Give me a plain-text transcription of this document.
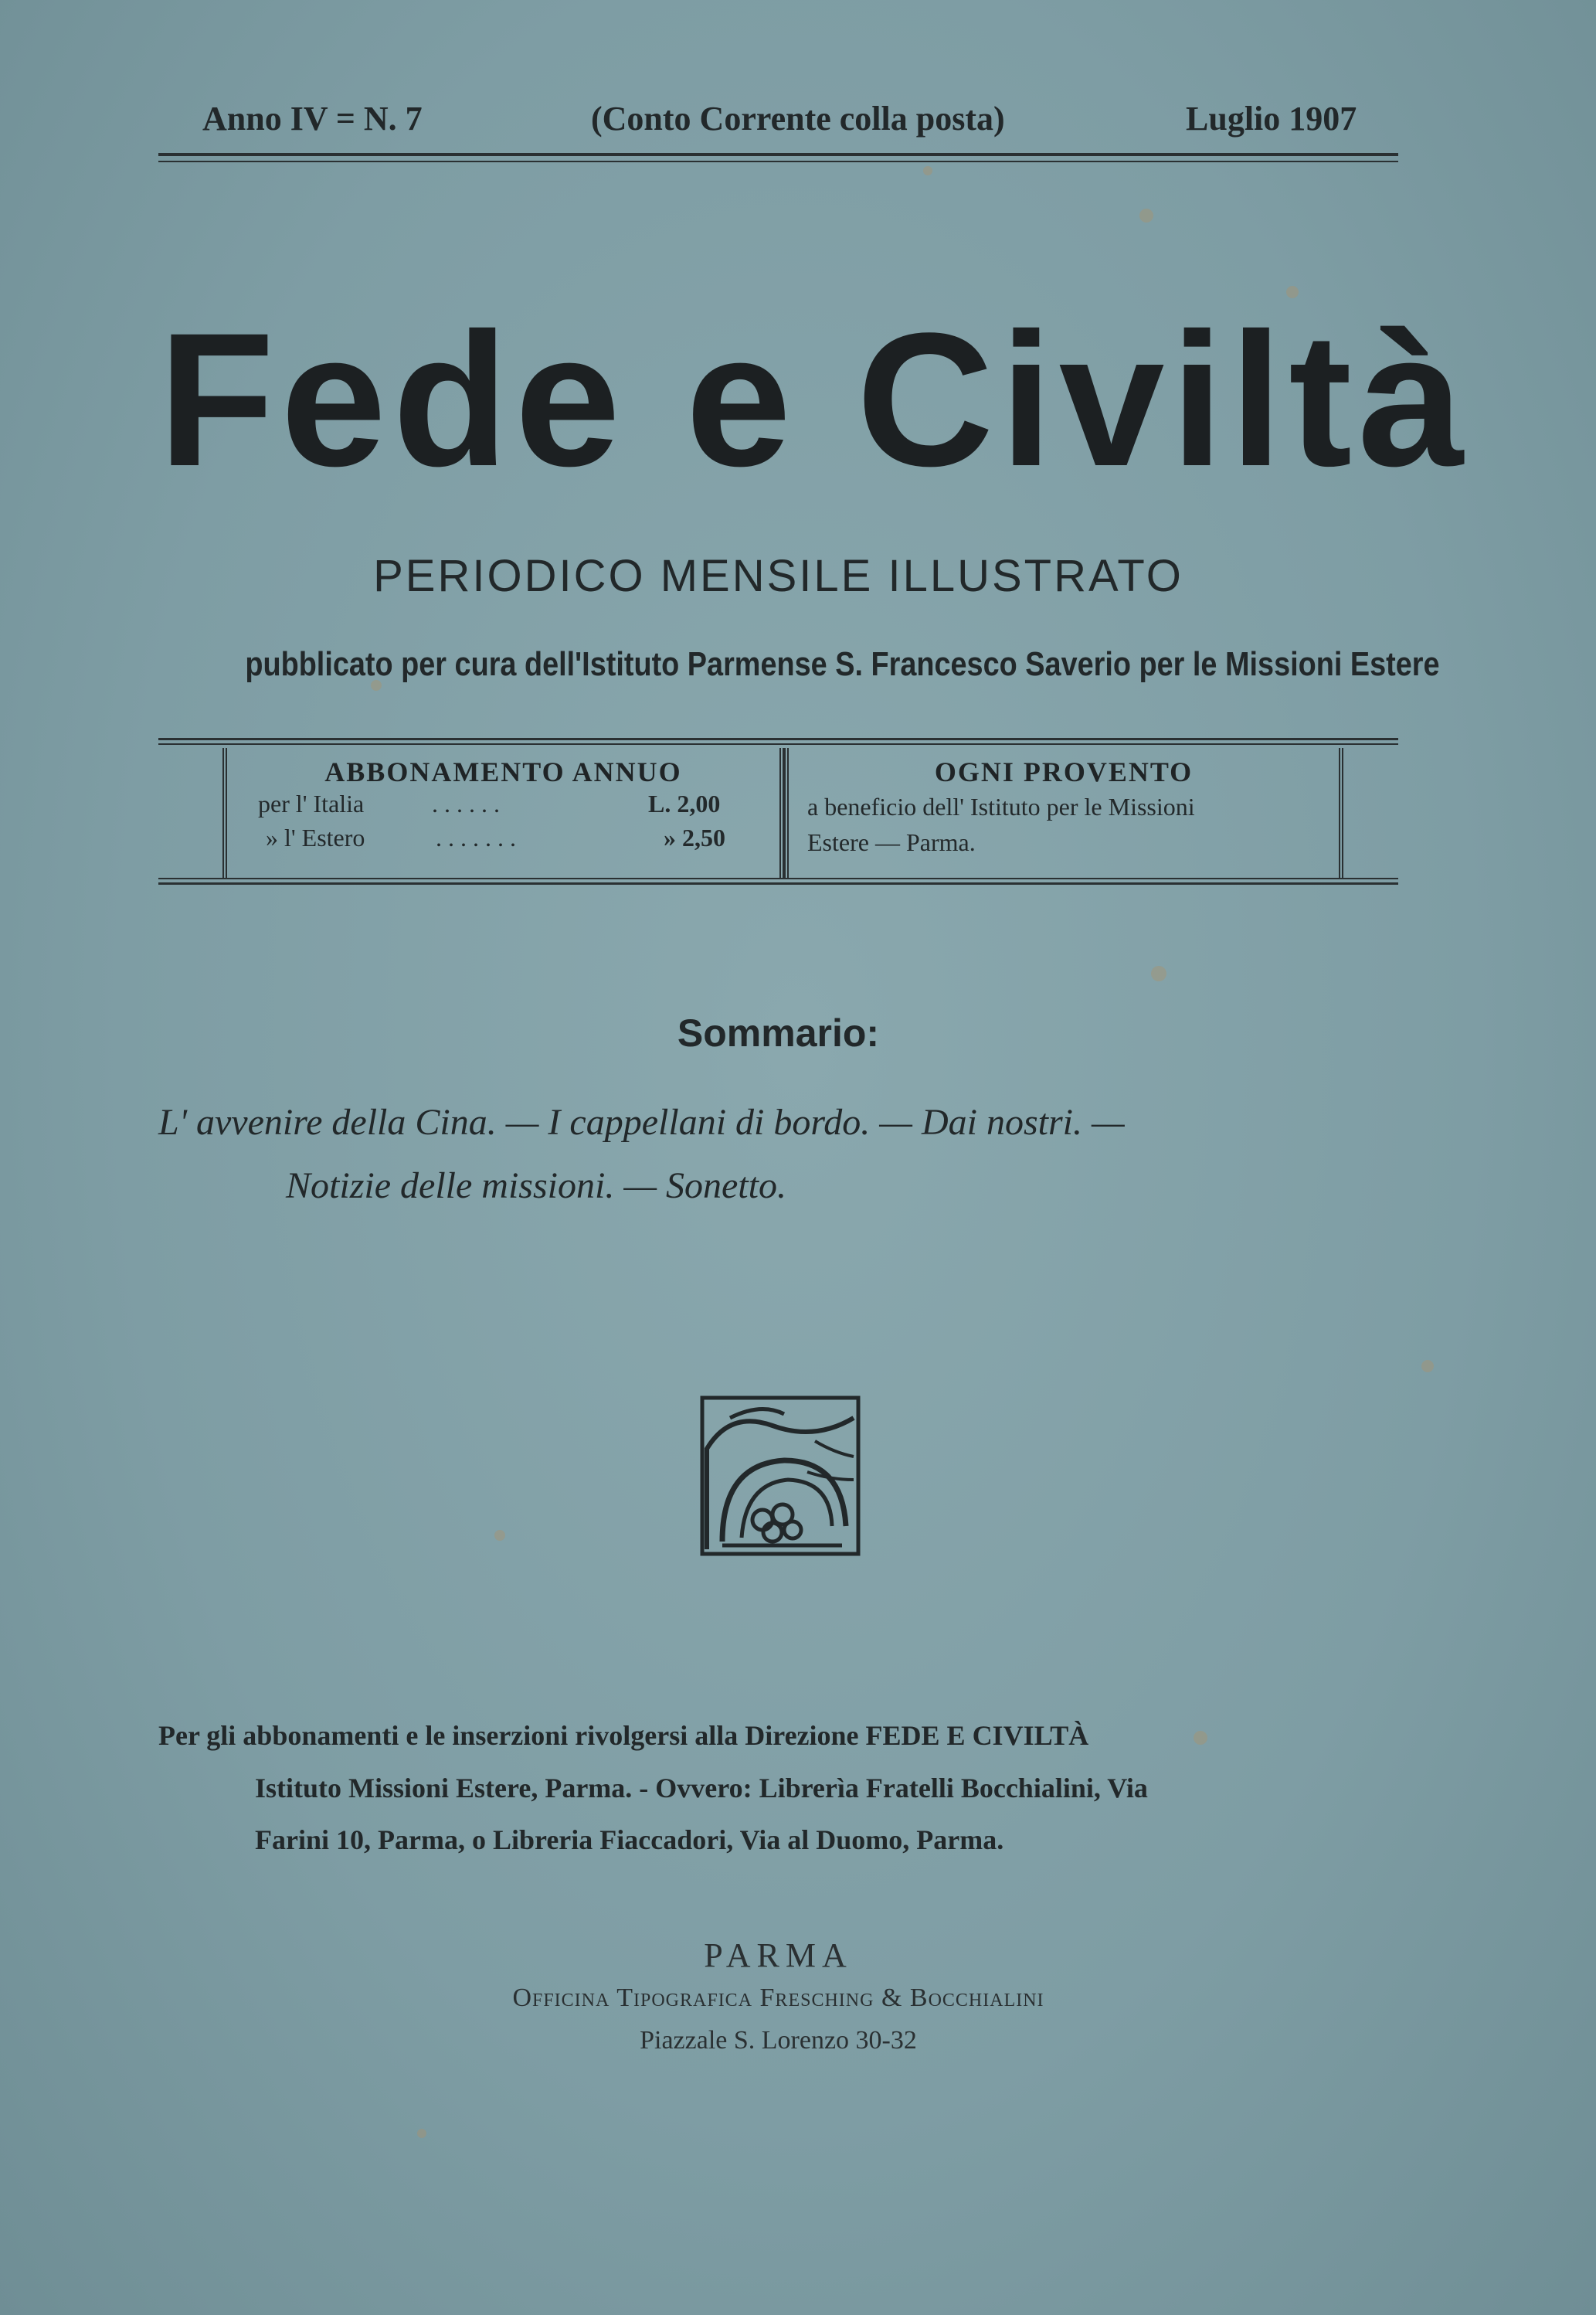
Anno IV = N. 7	(Conto Corrente colla posta)	Luglio 1907
Fede e Civiltà
PERIODICO MENSILE ILLUSTRATO
pubblicato per cura dell'Istituto Parmense S. Francesco Saverio per le Missioni Estere
ABBONAMENTO ANNUO
per l' Italia	. . . . . .	L. 2,00
» l' Estero	. . . . . . .	» 2,50
OGNI PROVENTO
a beneficio dell' Istituto per le Missioni
Estere — Parma.
Sommario:
L' avvenire della Cina. — I cappellani di bordo. — Dai nostri. —
Notizie delle missioni. — Sonetto.
Per gli abbonamenti e le inserzioni rivolgersi alla Direzione FEDE E CIVILTÀ
Istituto Missioni Estere, Parma. - Ovvero: Librerìa Fratelli Bocchialini, Via
Farini 10, Parma, o Libreria Fiaccadori, Via al Duomo, Parma.
PARMA
Officina Tipografica Fresching & Bocchialini
Piazzale S. Lorenzo 30-32
